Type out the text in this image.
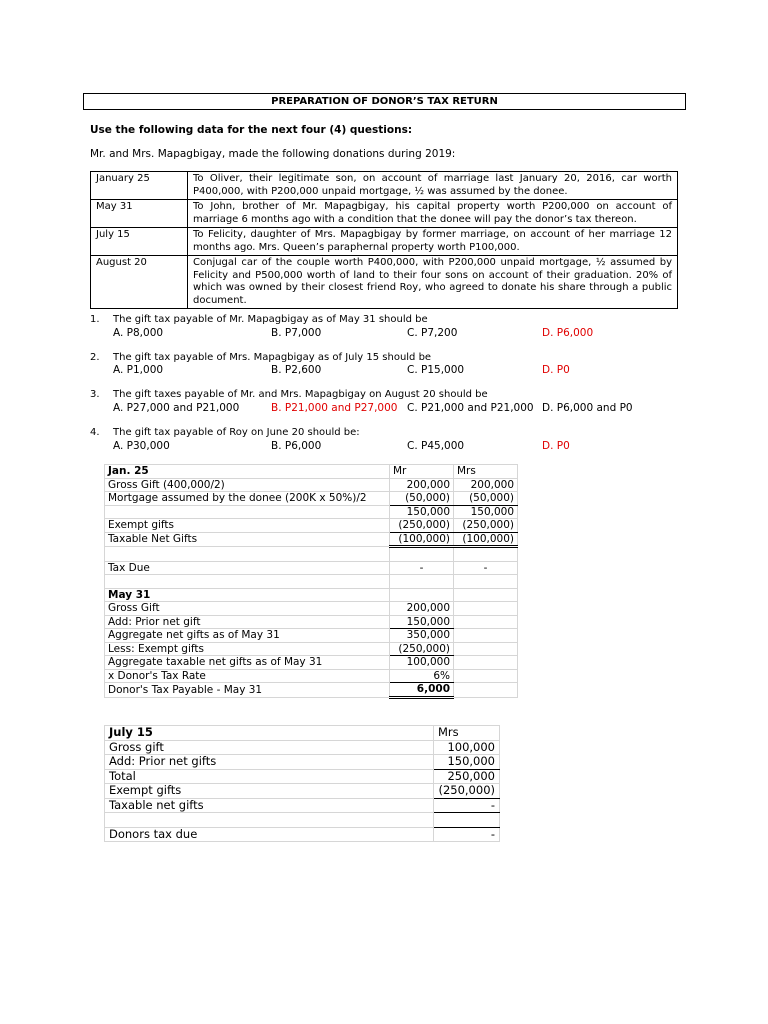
PREPARATION OF DONOR’S TAX RETURN
Use the following data for the next four (4) questions:
Mr. and Mrs. Mapagbigay, made the following donations during 2019:
January 25	To Oliver, their legitimate son, on account of marriage last January 20, 2016, car worth P400,000, with P200,000 unpaid mortgage, ½ was assumed by the donee.
May 31	To John, brother of Mr. Mapagbigay, his capital property worth P200,000 on account of marriage 6 months ago with a condition that the donee will pay the donor’s tax thereon.
July 15	To Felicity, daughter of Mrs. Mapagbigay by former marriage, on account of her marriage 12 months ago. Mrs. Queen’s paraphernal property worth P100,000.
August 20	Conjugal car of the couple worth P400,000, with P200,000 unpaid mortgage, ½ assumed by Felicity and P500,000 worth of land to their four sons on account of their graduation. 20% of which was owned by their closest friend Roy, who agreed to donate his share through a public document.
1. The gift tax payable of Mr. Mapagbigay as of May 31 should be
A. P8,000	B. P7,000	C. P7,200	D. P6,000
2. The gift tax payable of Mrs. Mapagbigay as of July 15 should be
A. P1,000	B. P2,600	C. P15,000	D. P0
3. The gift taxes payable of Mr. and Mrs. Mapagbigay on August 20 should be
A. P27,000 and P21,000	B. P21,000 and P27,000 C. P21,000 and P21,000 D. P6,000 and P0
4. The gift tax payable of Roy on June 20 should be:
A. P30,000	B. P6,000	C. P45,000	D. P0
Jan. 25	Mr	Mrs
Gross Gift (400,000/2)	200,000	200,000
Mortgage assumed by the donee (200K x 50%)/2	(50,000)	(50,000)
	150,000	150,000
Exempt gifts	(250,000)	(250,000)
Taxable Net Gifts	(100,000)	(100,000)

Tax Due	-	-

May 31		
Gross Gift	200,000	
Add: Prior net gift	150,000	
Aggregate net gifts as of May 31	350,000	
Less: Exempt gifts	(250,000)	
Aggregate taxable net gifts as of May 31	100,000	
x Donor's Tax Rate	6%	
Donor's Tax Payable - May 31	6,000	
July 15	Mrs
Gross gift	100,000
Add: Prior net gifts	150,000
Total	250,000
Exempt gifts	(250,000)
Taxable net gifts	-

Donors tax due	-
